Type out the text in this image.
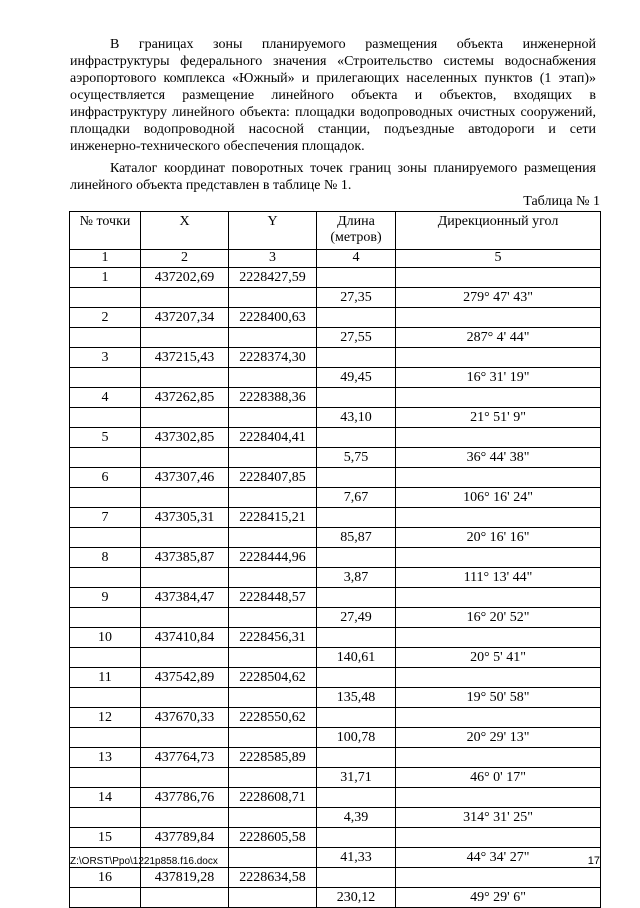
В границах зоны планируемого размещения объекта инженерной инфраструктуры федерального значения «Строительство системы водоснабжения аэропортового комплекса «Южный» и прилегающих населенных пунктов (1 этап)» осуществляется размещение линейного объекта и объектов, входящих в инфраструктуру линейного объекта: площадки водопроводных очистных сооружений, площадки водопроводной насосной станции, подъездные автодороги и сети инженерно-технического обеспечения площадок.

Каталог координат поворотных точек границ зоны планируемого размещения линейного объекта представлен в таблице № 1.

Таблица № 1
№ точки	X	Y	Длина (метров)	Дирекционный угол
1	2	3	4	5
1	437202,69	2228427,59		
			27,35	279° 47' 43"
2	437207,34	2228400,63		
			27,55	287° 4' 44"
3	437215,43	2228374,30		
			49,45	16° 31' 19"
4	437262,85	2228388,36		
			43,10	21° 51' 9"
5	437302,85	2228404,41		
			5,75	36° 44' 38"
6	437307,46	2228407,85		
			7,67	106° 16' 24"
7	437305,31	2228415,21		
			85,87	20° 16' 16"
8	437385,87	2228444,96		
			3,87	111° 13' 44"
9	437384,47	2228448,57		
			27,49	16° 20' 52"
10	437410,84	2228456,31		
			140,61	20° 5' 41"
11	437542,89	2228504,62		
			135,48	19° 50' 58"
12	437670,33	2228550,62		
			100,78	20° 29' 13"
13	437764,73	2228585,89		
			31,71	46° 0' 17"
14	437786,76	2228608,71		
			4,39	314° 31' 25"
15	437789,84	2228605,58		
			41,33	44° 34' 27"
16	437819,28	2228634,58		
			230,12	49° 29' 6"
Z:\ORST\Ppo\1221p858.f16.docx	17
